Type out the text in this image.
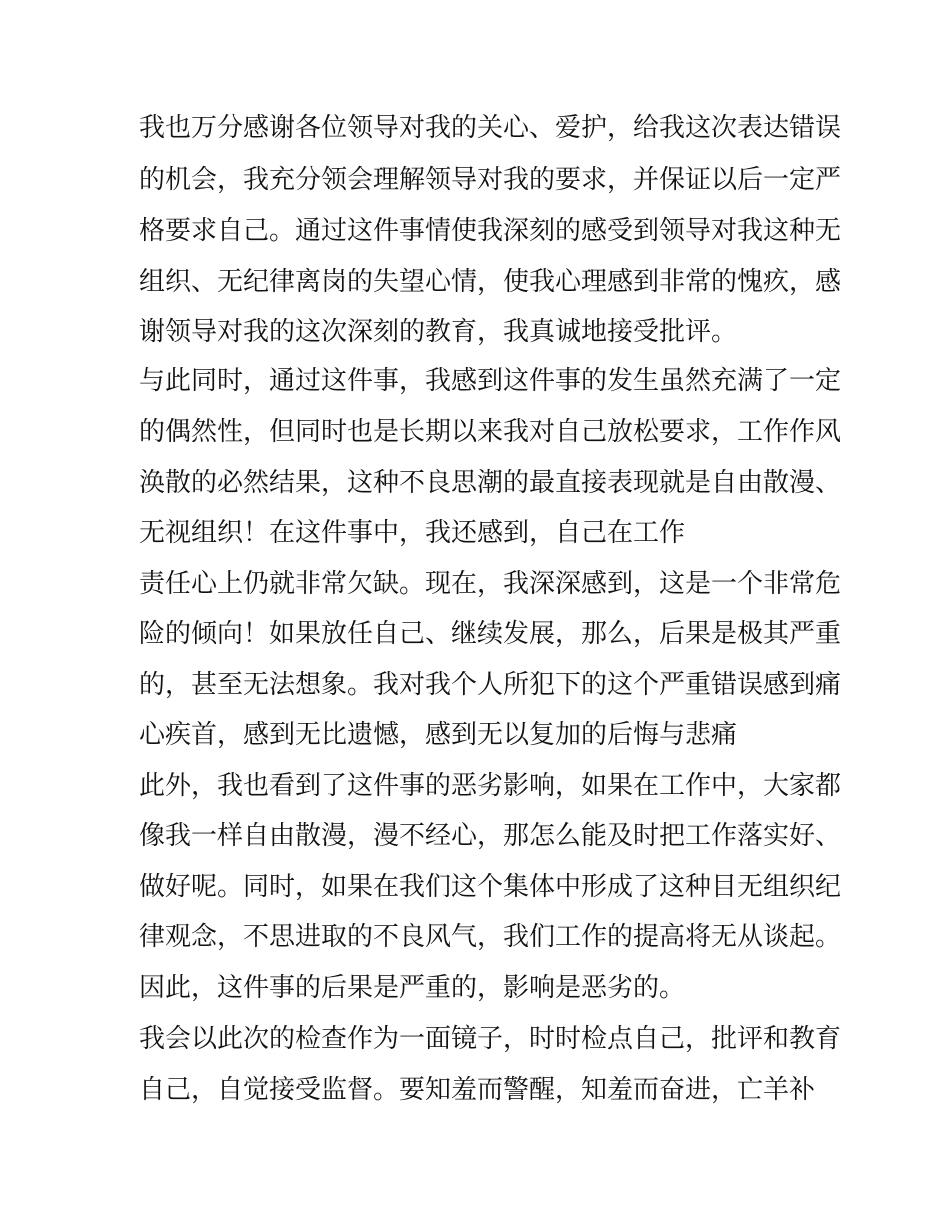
我也万分感谢各位领导对我的关心、爱护，给我这次表达错误
的机会，我充分领会理解领导对我的要求，并保证以后一定严
格要求自己。通过这件事情使我深刻的感受到领导对我这种无
组织、无纪律离岗的失望心情，使我心理感到非常的愧疚，感
谢领导对我的这次深刻的教育，我真诚地接受批评。
与此同时，通过这件事，我感到这件事的发生虽然充满了一定
的偶然性，但同时也是长期以来我对自己放松要求，工作作风
涣散的必然结果，这种不良思潮的最直接表现就是自由散漫、
无视组织！在这件事中，我还感到，自己在工作
责任心上仍就非常欠缺。现在，我深深感到，这是一个非常危
险的倾向！如果放任自己、继续发展，那么，后果是极其严重
的，甚至无法想象。我对我个人所犯下的这个严重错误感到痛
心疾首，感到无比遗憾，感到无以复加的后悔与悲痛
此外，我也看到了这件事的恶劣影响，如果在工作中，大家都
像我一样自由散漫，漫不经心，那怎么能及时把工作落实好、
做好呢。同时，如果在我们这个集体中形成了这种目无组织纪
律观念，不思进取的不良风气，我们工作的提高将无从谈起。
因此，这件事的后果是严重的，影响是恶劣的。
我会以此次的检查作为一面镜子，时时检点自己，批评和教育
自己，自觉接受监督。要知羞而警醒，知羞而奋进，亡羊补
